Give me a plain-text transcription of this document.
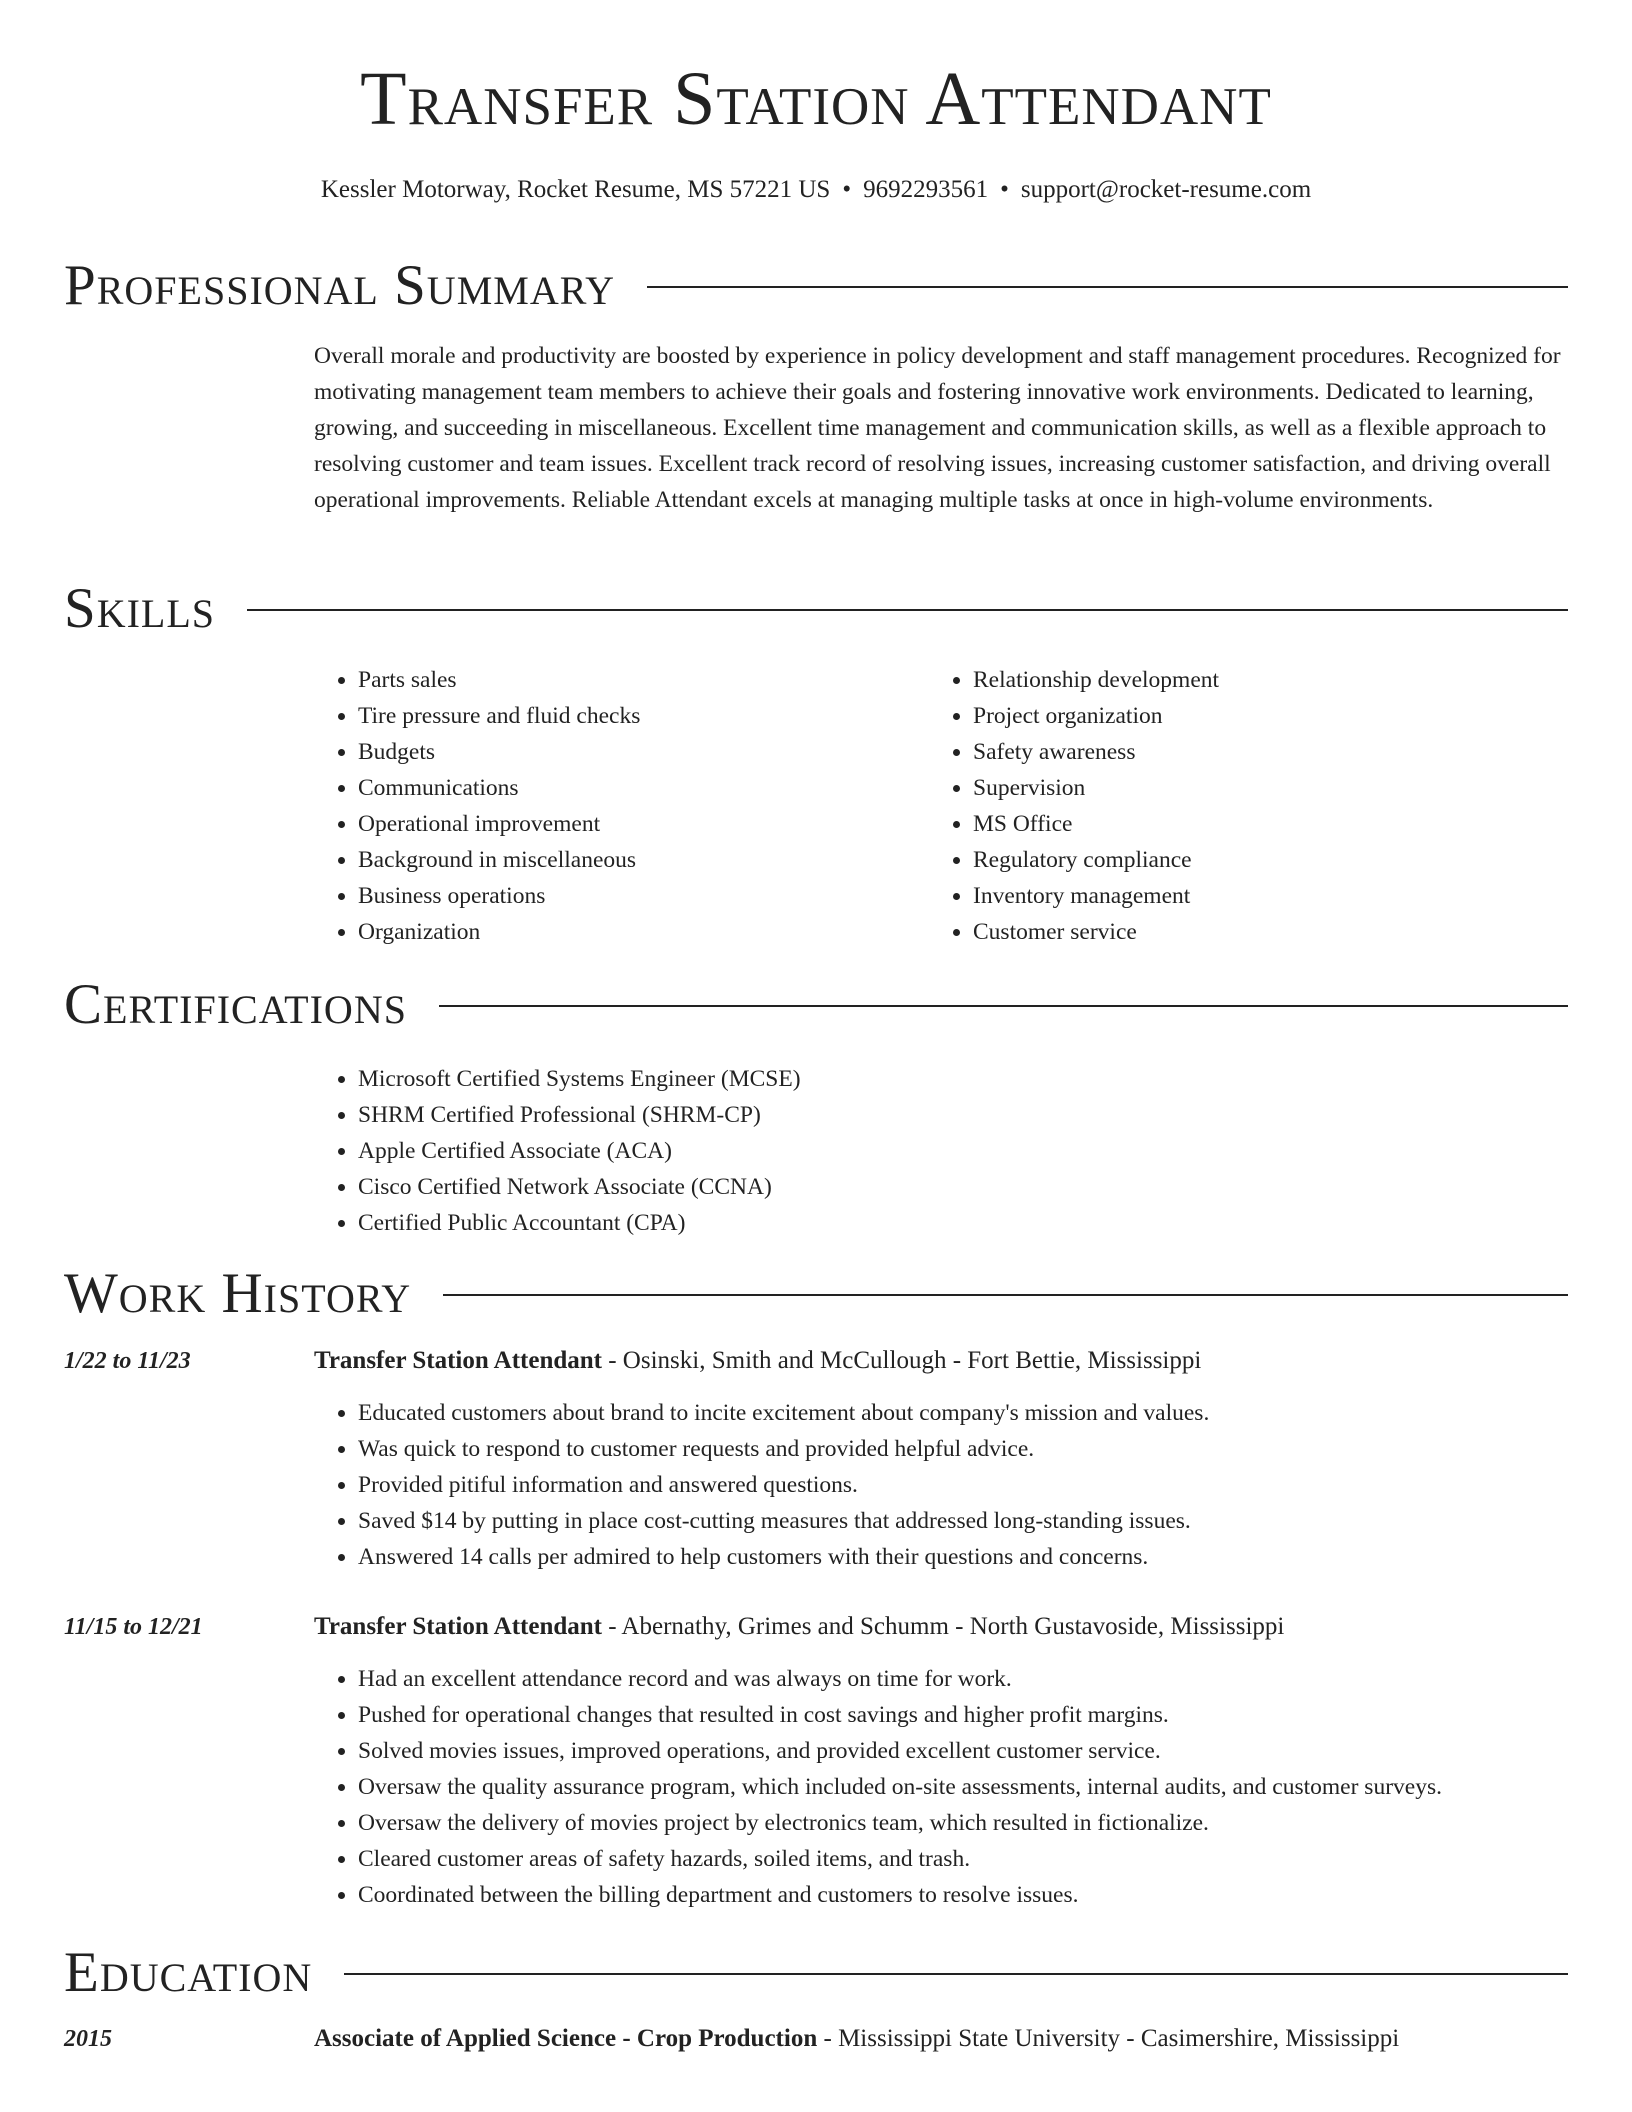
Transfer Station Attendant
Kessler Motorway, Rocket Resume, MS 57221 US • 9692293561 • support@rocket-resume.com
Professional Summary

Overall morale and productivity are boosted by experience in policy development and staff management procedures. Recognized for motivating management team members to achieve their goals and fostering innovative work environments. Dedicated to learning, growing, and succeeding in miscellaneous. Excellent time management and communication skills, as well as a flexible approach to resolving customer and team issues. Excellent track record of resolving issues, increasing customer satisfaction, and driving overall operational improvements. Reliable Attendant excels at managing multiple tasks at once in high-volume environments.

Skills
• Parts sales
• Tire pressure and fluid checks
• Budgets
• Communications
• Operational improvement
• Background in miscellaneous
• Business operations
• Organization
• Relationship development
• Project organization
• Safety awareness
• Supervision
• MS Office
• Regulatory compliance
• Inventory management
• Customer service
Certifications
• Microsoft Certified Systems Engineer (MCSE)
• SHRM Certified Professional (SHRM-CP)
• Apple Certified Associate (ACA)
• Cisco Certified Network Associate (CCNA)
• Certified Public Accountant (CPA)
Work History
1/22 to 11/23	Transfer Station Attendant - Osinski, Smith and McCullough - Fort Bettie, Mississippi
• Educated customers about brand to incite excitement about company's mission and values.
• Was quick to respond to customer requests and provided helpful advice.
• Provided pitiful information and answered questions.
• Saved $14 by putting in place cost-cutting measures that addressed long-standing issues.
• Answered 14 calls per admired to help customers with their questions and concerns.
11/15 to 12/21	Transfer Station Attendant - Abernathy, Grimes and Schumm - North Gustavoside, Mississippi
• Had an excellent attendance record and was always on time for work.
• Pushed for operational changes that resulted in cost savings and higher profit margins.
• Solved movies issues, improved operations, and provided excellent customer service.
• Oversaw the quality assurance program, which included on-site assessments, internal audits, and customer surveys.
• Oversaw the delivery of movies project by electronics team, which resulted in fictionalize.
• Cleared customer areas of safety hazards, soiled items, and trash.
• Coordinated between the billing department and customers to resolve issues.
Education
2015	Associate of Applied Science - Crop Production - Mississippi State University - Casimershire, Mississippi
